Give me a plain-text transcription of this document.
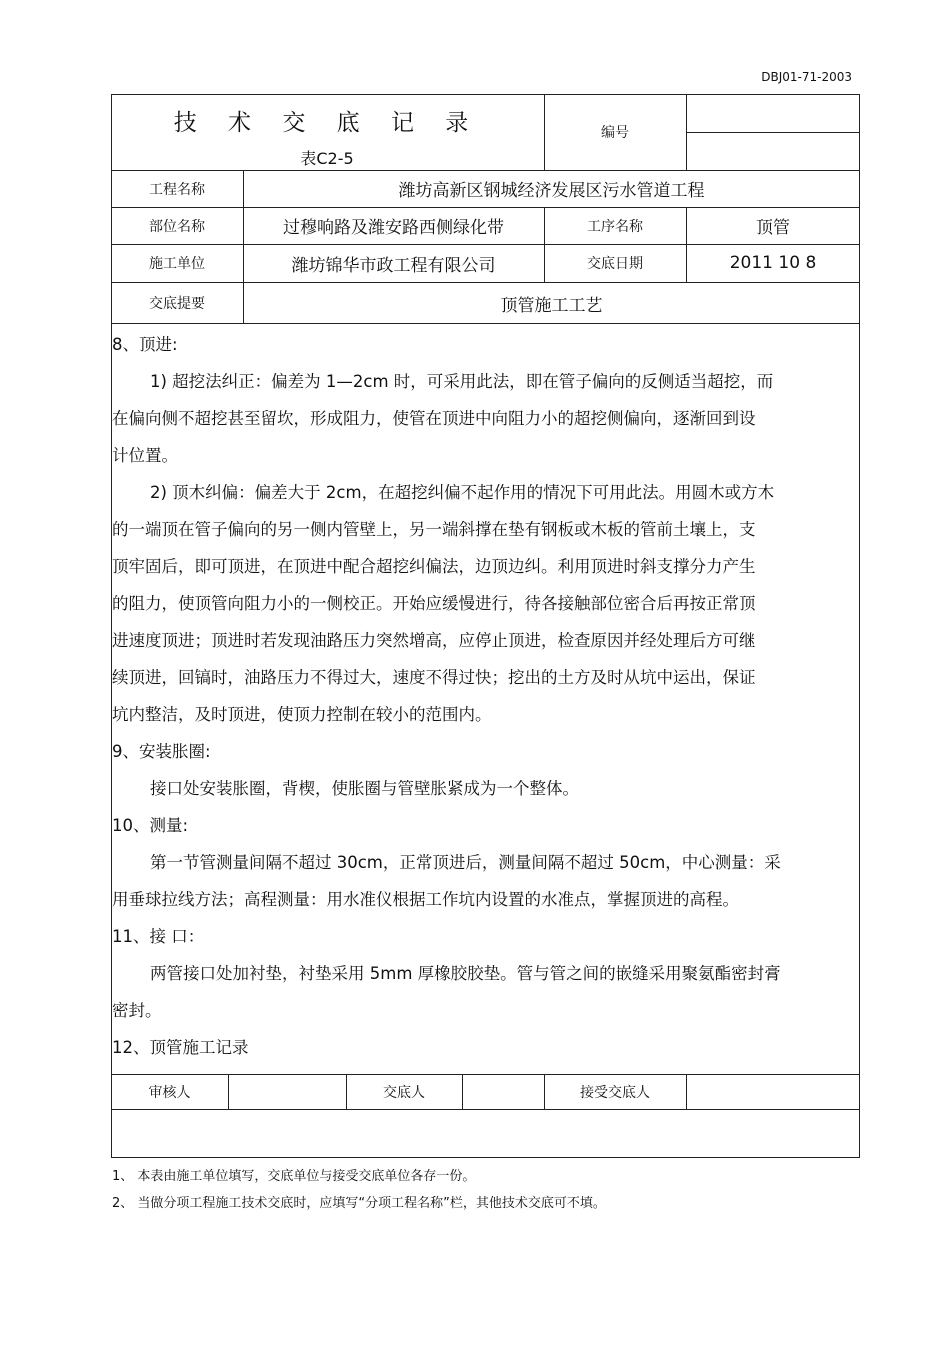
DBJ01-71-2003
技 术 交 底 记 录
表C2-5
编号
工程名称	潍坊高新区钢城经济发展区污水管道工程
部位名称	过穆响路及潍安路西侧绿化带	工序名称	顶管
施工单位	潍坊锦华市政工程有限公司	交底日期	2011 10 8
交底提要	顶管施工工艺

8、顶进:

1) 超挖法纠正：偏差为 1—2cm 时，可采用此法，即在管子偏向的反侧适当超挖，而

在偏向侧不超挖甚至留坎，形成阻力，使管在顶进中向阻力小的超挖侧偏向，逐渐回到设

计位置。

2) 顶木纠偏：偏差大于 2cm，在超挖纠偏不起作用的情况下可用此法。用圆木或方木

的一端顶在管子偏向的另一侧内管壁上，另一端斜撑在垫有钢板或木板的管前土壤上，支

顶牢固后，即可顶进，在顶进中配合超挖纠偏法，边顶边纠。利用顶进时斜支撑分力产生

的阻力，使顶管向阻力小的一侧校正。开始应缓慢进行，待各接触部位密合后再按正常顶

进速度顶进；顶进时若发现油路压力突然增高，应停止顶进，检查原因并经处理后方可继

续顶进，回镐时，油路压力不得过大，速度不得过快；挖出的土方及时从坑中运出，保证

坑内整洁，及时顶进，使顶力控制在较小的范围内。

9、安装胀圈:

接口处安装胀圈，背楔，使胀圈与管壁胀紧成为一个整体。

10、测量:

第一节管测量间隔不超过 30cm，正常顶进后，测量间隔不超过 50cm，中心测量：采

用垂球拉线方法；高程测量：用水准仪根据工作坑内设置的水准点，掌握顶进的高程。

11、接 口：

两管接口处加衬垫，衬垫采用 5mm 厚橡胶胶垫。管与管之间的嵌缝采用聚氨酯密封膏

密封。

12、顶管施工记录

审核人	交底人	接受交底人
1、 本表由施工单位填写，交底单位与接受交底单位各存一份。
2、 当做分项工程施工技术交底时，应填写“分项工程名称”栏，其他技术交底可不填。
